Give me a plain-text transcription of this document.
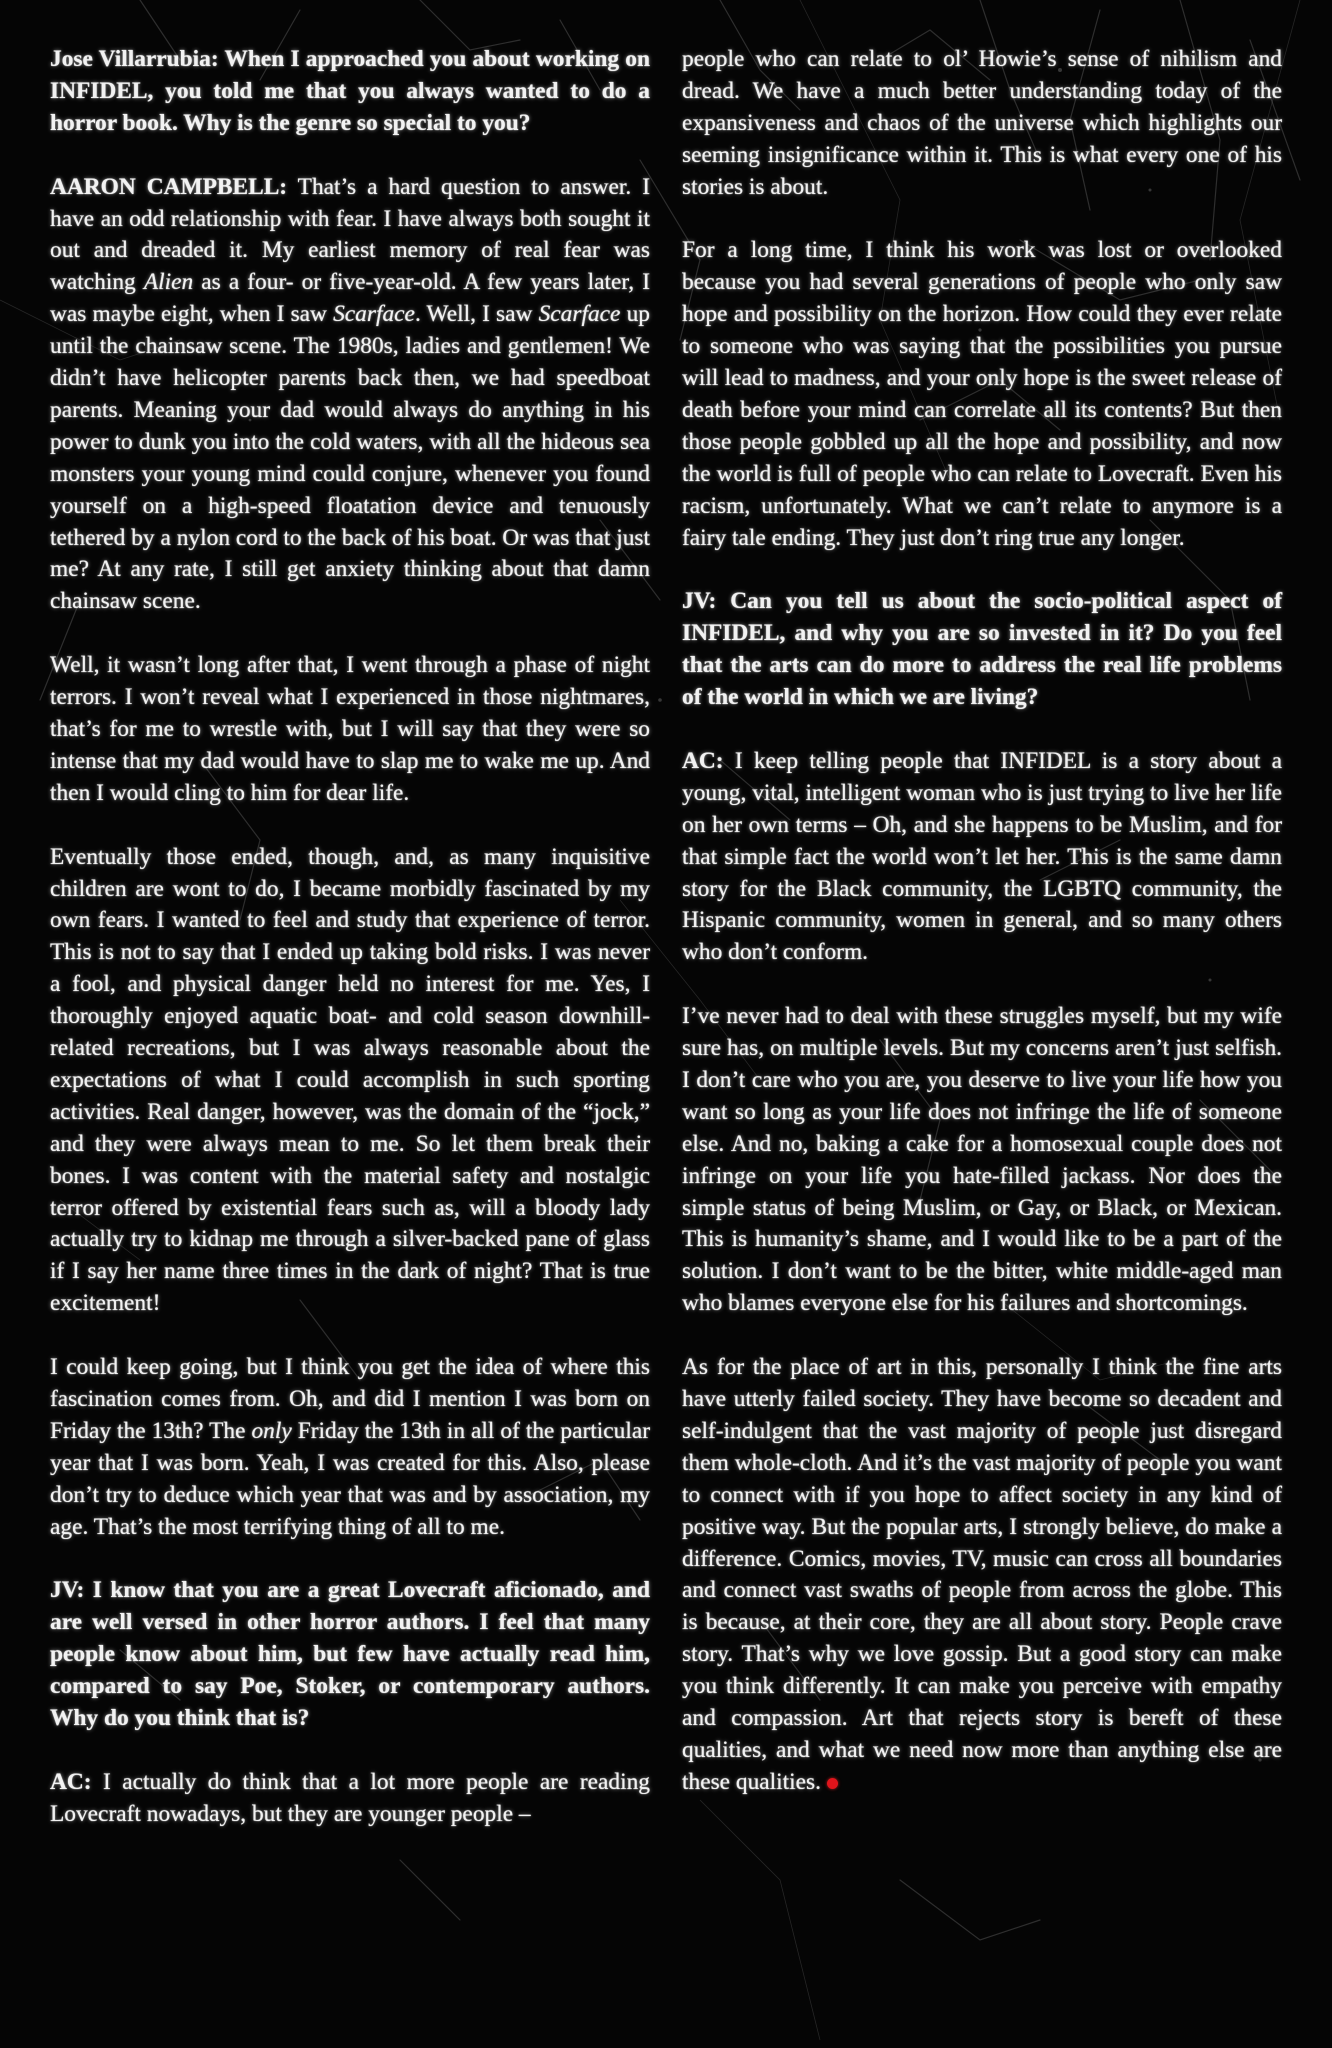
Jose Villarrubia: When I approached you about working on INFIDEL, you told me that you always wanted to do a horror book. Why is the genre so special to you?

AARON CAMPBELL: That’s a hard question to answer. I have an odd relationship with fear. I have always both sought it out and dreaded it. My earliest memory of real fear was watching Alien as a four- or five-year-old. A few years later, I was maybe eight, when I saw Scarface. Well, I saw Scarface up until the chainsaw scene. The 1980s, ladies and gentlemen! We didn’t have helicopter parents back then, we had speedboat parents. Meaning your dad would always do anything in his power to dunk you into the cold waters, with all the hideous sea monsters your young mind could conjure, whenever you found yourself on a high-speed floatation device and tenuously tethered by a nylon cord to the back of his boat. Or was that just me? At any rate, I still get anxiety thinking about that damn chainsaw scene.

Well, it wasn’t long after that, I went through a phase of night terrors. I won’t reveal what I experienced in those nightmares, that’s for me to wrestle with, but I will say that they were so intense that my dad would have to slap me to wake me up. And then I would cling to him for dear life.

Eventually those ended, though, and, as many inquisitive children are wont to do, I became morbidly fascinated by my own fears. I wanted to feel and study that experience of terror. This is not to say that I ended up taking bold risks. I was never a fool, and physical danger held no interest for me. Yes, I thoroughly enjoyed aquatic boat- and cold season downhill-related recreations, but I was always reasonable about the expectations of what I could accomplish in such sporting activities. Real danger, however, was the domain of the “jock,” and they were always mean to me. So let them break their bones. I was content with the material safety and nostalgic terror offered by existential fears such as, will a bloody lady actually try to kidnap me through a silver-backed pane of glass if I say her name three times in the dark of night? That is true excitement!

I could keep going, but I think you get the idea of where this fascination comes from. Oh, and did I mention I was born on Friday the 13th? The only Friday the 13th in all of the particular year that I was born. Yeah, I was created for this. Also, please don’t try to deduce which year that was and by association, my age. That’s the most terrifying thing of all to me.

JV: I know that you are a great Lovecraft aficionado, and are well versed in other horror authors. I feel that many people know about him, but few have actually read him, compared to say Poe, Stoker, or contemporary authors. Why do you think that is?

AC: I actually do think that a lot more people are reading Lovecraft nowadays, but they are younger people –

people who can relate to ol’ Howie’s sense of nihilism and dread. We have a much better understanding today of the expansiveness and chaos of the universe which highlights our seeming insignificance within it. This is what every one of his stories is about.

For a long time, I think his work was lost or overlooked because you had several generations of people who only saw hope and possibility on the horizon. How could they ever relate to someone who was saying that the possibilities you pursue will lead to madness, and your only hope is the sweet release of death before your mind can correlate all its contents? But then those people gobbled up all the hope and possibility, and now the world is full of people who can relate to Lovecraft. Even his racism, unfortunately. What we can’t relate to anymore is a fairy tale ending. They just don’t ring true any longer.

JV: Can you tell us about the socio-political aspect of INFIDEL, and why you are so invested in it? Do you feel that the arts can do more to address the real life problems of the world in which we are living?

AC: I keep telling people that INFIDEL is a story about a young, vital, intelligent woman who is just trying to live her life on her own terms – Oh, and she happens to be Muslim, and for that simple fact the world won’t let her. This is the same damn story for the Black community, the LGBTQ community, the Hispanic community, women in general, and so many others who don’t conform.

I’ve never had to deal with these struggles myself, but my wife sure has, on multiple levels. But my concerns aren’t just selfish. I don’t care who you are, you deserve to live your life how you want so long as your life does not infringe the life of someone else. And no, baking a cake for a homosexual couple does not infringe on your life you hate-filled jackass. Nor does the simple status of being Muslim, or Gay, or Black, or Mexican. This is humanity’s shame, and I would like to be a part of the solution. I don’t want to be the bitter, white middle-aged man who blames everyone else for his failures and shortcomings.

As for the place of art in this, personally I think the fine arts have utterly failed society. They have become so decadent and self-indulgent that the vast majority of people just disregard them whole-cloth. And it’s the vast majority of people you want to connect with if you hope to affect society in any kind of positive way. But the popular arts, I strongly believe, do make a difference. Comics, movies, TV, music can cross all boundaries and connect vast swaths of people from across the globe. This is because, at their core, they are all about story. People crave story. That’s why we love gossip. But a good story can make you think differently. It can make you perceive with empathy and compassion. Art that rejects story is bereft of these qualities, and what we need now more than anything else are these qualities.
